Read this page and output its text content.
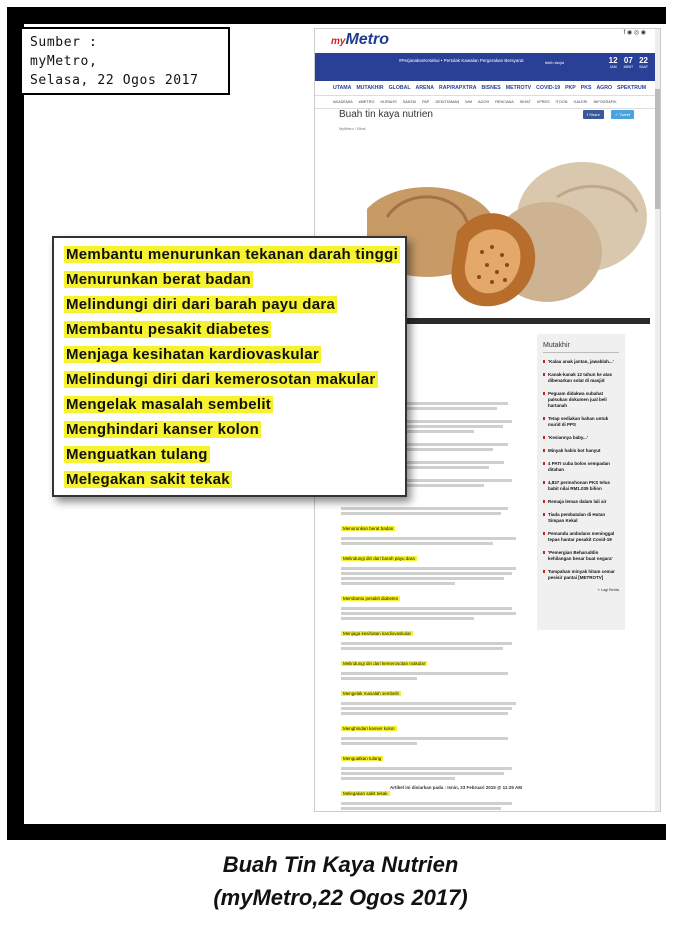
Sumber :
myMetro,
Selasa, 22 Ogos 2017
myMetro	f ◉ ◎ ◉
#PerjanakanKetahui • Pertolak Kawalan Pergerakan Bersyarat	lebih lanjut	12
JAM
07
MINIT
22
SAAT
UTAMA MUTAKHIR GLOBAL ARENA RAP/RAPXTRA BISNES METROTV COVID-19 PKP PKS AGRO SPEKTRUM
AKADEMIA #METRO HIJRAHS SANTAI PAP DEKOTAMAN WM AGOH RENCANA SIHAT XPRES ITOON GALERI INFOGRAFIK
Buah tin kaya nutrien	f Share	✓ Tweet
MyMetro / Sihat
Menurunkan berat badan
Melindungi diri dari barah payu dara
Membantu pesakit diabetes
Menjaga kesihatan kardiovaskular
Melindungi diri dari kemerosotan makular
Mengelak masalah sembelit
Menghindari kanser kolon
Menguatkan tulang
Melegakan sakit tekak
Mutakhir
'Kalau anak jantan, jawablah...'
Kanak-kanak 12 tahun ke atas dibenarkan solat di masjid
Peguam didakwa subahat palsukan dokumen jual beli hartanah
Tetap sediakan bahan untuk murid di PPS
'Kesiannya baby...'
Minyak habis bot hanyut
4 PATI cuba bolos sempadan ditahan
4,837 permohonan PKS telus babit nilai RM1.035 bilion
Remaja lemas dalam lali air
Tiada pembatalan di Hutan Simpan Kekal
Pemandu ambulans meninggal tepas hantar pesakit Covid-19
'Pemergian Beharuddin kehilangan besar buat negara'
Tumpahan minyak hitam cemar pesisir pantai [METROTV]
» Lagi Berita
Artikel ini disiarkan pada : Isnin, 23 Februari 2015 @ 11:25 AM
Membantu menurunkan tekanan darah tinggi
Menurunkan berat badan
Melindungi diri dari barah payu dara
Membantu pesakit diabetes
Menjaga kesihatan kardiovaskular
Melindungi diri dari kemerosotan makular
Mengelak masalah sembelit
Menghindari kanser kolon
Menguatkan tulang
Melegakan sakit tekak
Buah Tin Kaya Nutrien
(myMetro,22 Ogos 2017)
